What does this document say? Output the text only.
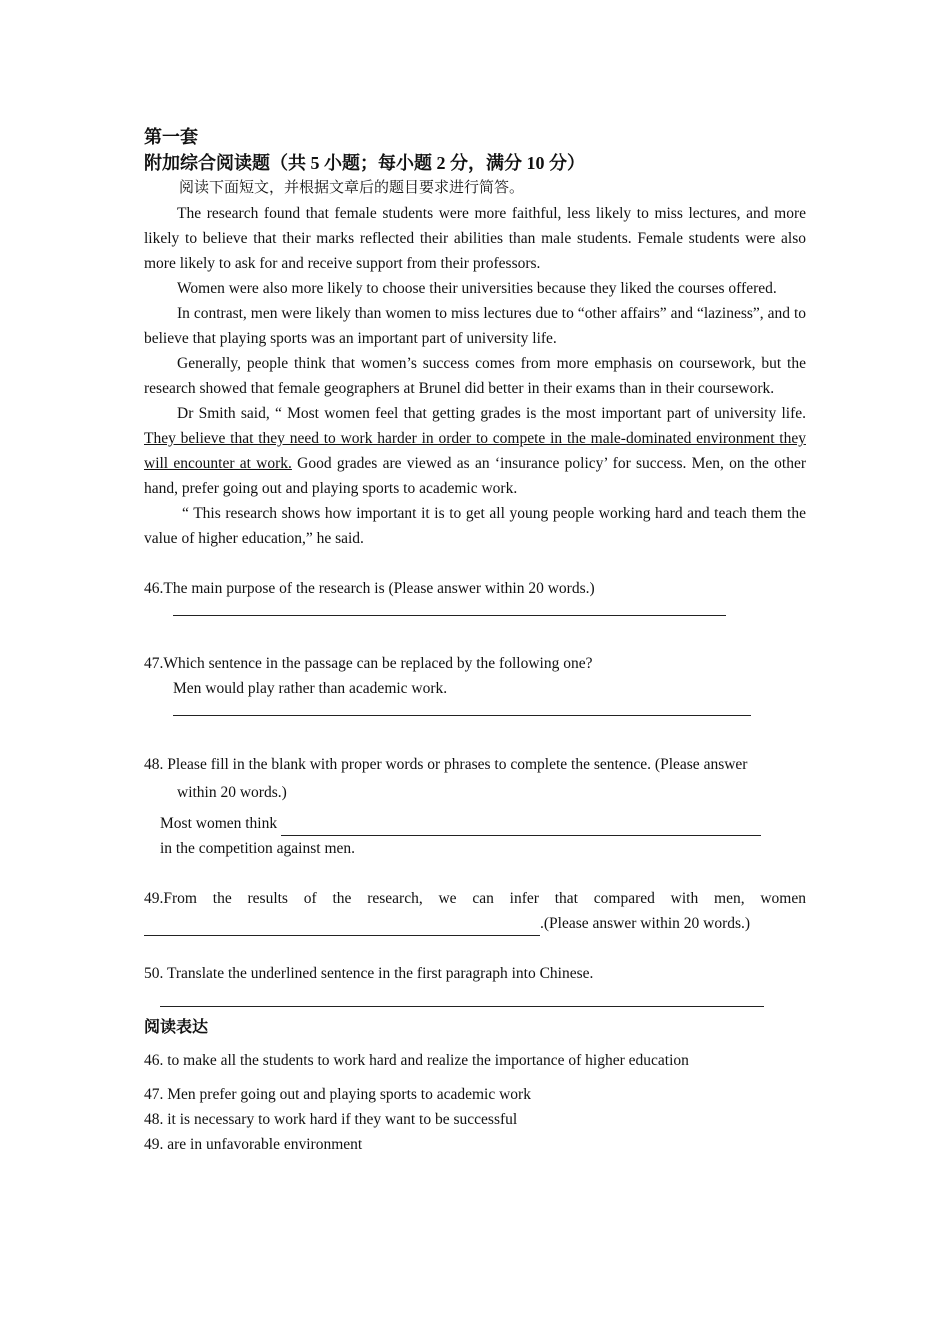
第一套

附加综合阅读题（共 5 小题；每小题 2 分，满分 10 分）

阅读下面短文，并根据文章后的题目要求进行简答。

The research found that female students were more faithful, less likely to miss lectures, and more likely to believe that their marks reflected their abilities than male students. Female students were also more likely to ask for and receive support from their professors.

Women were also more likely to choose their universities because they liked the courses offered.

In contrast, men were likely than women to miss lectures due to “other affairs” and “laziness”, and to believe that playing sports was an important part of university life.

Generally, people think that women’s success comes from more emphasis on coursework, but the research showed that female geographers at Brunel did better in their exams than in their coursework.

Dr Smith said, “ Most women feel that getting grades is the most important part of university life. They believe that they need to work harder in order to compete in the male-dominated environment they will encounter at work. Good grades are viewed as an ‘insurance policy’ for success. Men, on the other hand, prefer going out and playing sports to academic work.

“ This research shows how important it is to get all young people working hard and teach them the value of higher education,” he said.

46.The main purpose of the research is (Please answer within 20 words.)

47.Which sentence in the passage can be replaced by the following one?

Men would play rather than academic work.

48. Please fill in the blank with proper words or phrases to complete the sentence. (Please answer

within 20 words.)

Most women think

in the competition against men.

49.From the results of the research, we can infer that compared with men, women

.(Please answer within 20 words.)

50. Translate the underlined sentence in the first paragraph into Chinese.

阅读表达

46. to make all the students to work hard and realize the importance of higher education

47. Men prefer going out and playing sports to academic work

48. it is necessary to work hard if they want to be successful

49. are in unfavorable environment
